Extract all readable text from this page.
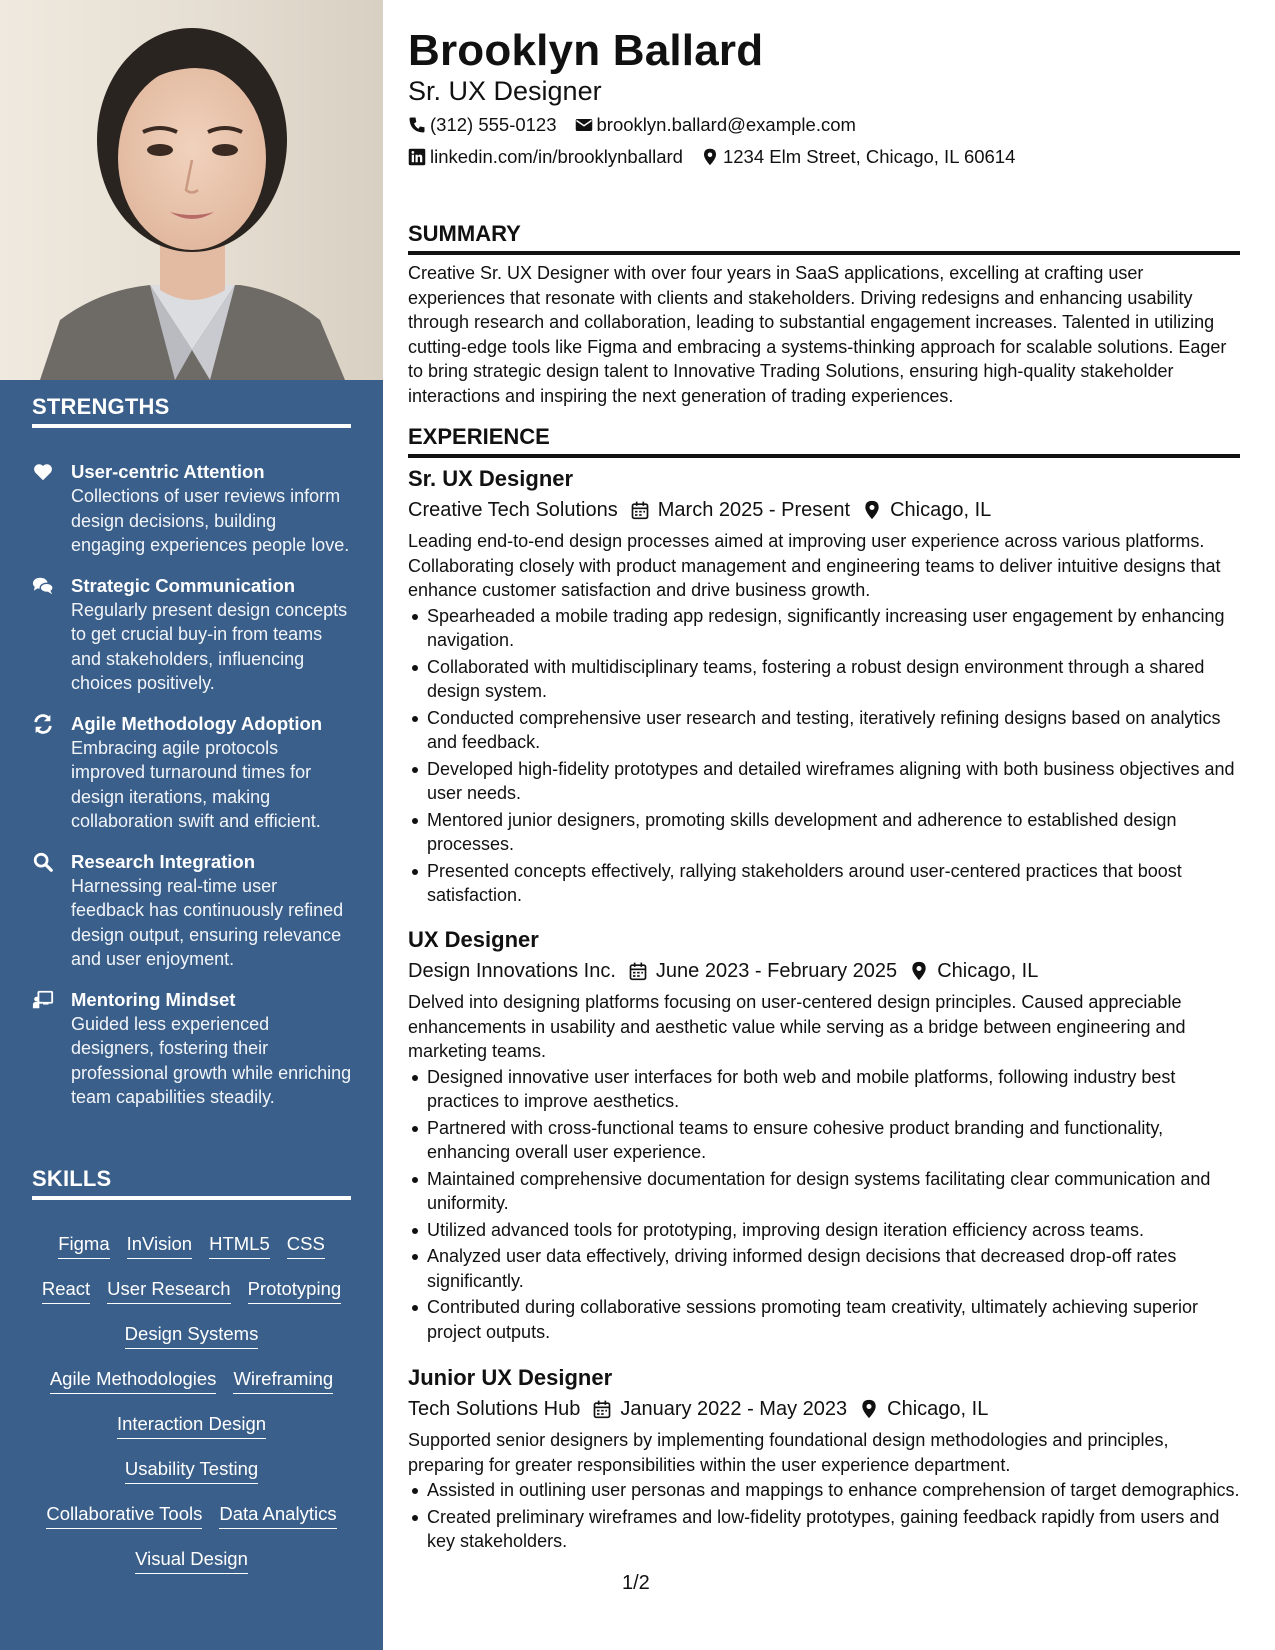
STRENGTHS
User-centric Attention
Collections of user reviews inform design decisions, building engaging experiences people love.
Strategic Communication
Regularly present design concepts to get crucial buy-in from teams and stakeholders, influencing choices positively.
Agile Methodology Adoption
Embracing agile protocols improved turnaround times for design iterations, making collaboration swift and efficient.
Research Integration
Harnessing real-time user feedback has continuously refined design output, ensuring relevance and user enjoyment.
Mentoring Mindset
Guided less experienced designers, fostering their professional growth while enriching team capabilities steadily.
SKILLS
Figma InVision HTML5 CSS
React User Research Prototyping
Design Systems
Agile Methodologies Wireframing
Interaction Design
Usability Testing
Collaborative Tools Data Analytics
Visual Design
Brooklyn Ballard
Sr. UX Designer
(312) 555-0123 brooklyn.ballard@example.com
linkedin.com/in/brooklynballard 1234 Elm Street, Chicago, IL 60614
SUMMARY
Creative Sr. UX Designer with over four years in SaaS applications, excelling at crafting user experiences that resonate with clients and stakeholders. Driving redesigns and enhancing usability through research and collaboration, leading to substantial engagement increases. Talented in utilizing cutting-edge tools like Figma and embracing a systems-thinking approach for scalable solutions. Eager to bring strategic design talent to Innovative Trading Solutions, ensuring high-quality stakeholder interactions and inspiring the next generation of trading experiences.
EXPERIENCE
Sr. UX Designer
Creative Tech Solutions March 2025 - Present Chicago, IL
Leading end-to-end design processes aimed at improving user experience across various platforms. Collaborating closely with product management and engineering teams to deliver intuitive designs that enhance customer satisfaction and drive business growth.
Spearheaded a mobile trading app redesign, significantly increasing user engagement by enhancing navigation.
Collaborated with multidisciplinary teams, fostering a robust design environment through a shared design system.
Conducted comprehensive user research and testing, iteratively refining designs based on analytics and feedback.
Developed high-fidelity prototypes and detailed wireframes aligning with both business objectives and user needs.
Mentored junior designers, promoting skills development and adherence to established design processes.
Presented concepts effectively, rallying stakeholders around user-centered practices that boost satisfaction.
UX Designer
Design Innovations Inc. June 2023 - February 2025 Chicago, IL
Delved into designing platforms focusing on user-centered design principles. Caused appreciable enhancements in usability and aesthetic value while serving as a bridge between engineering and marketing teams.
Designed innovative user interfaces for both web and mobile platforms, following industry best practices to improve aesthetics.
Partnered with cross-functional teams to ensure cohesive product branding and functionality, enhancing overall user experience.
Maintained comprehensive documentation for design systems facilitating clear communication and uniformity.
Utilized advanced tools for prototyping, improving design iteration efficiency across teams.
Analyzed user data effectively, driving informed design decisions that decreased drop-off rates significantly.
Contributed during collaborative sessions promoting team creativity, ultimately achieving superior project outputs.
Junior UX Designer
Tech Solutions Hub January 2022 - May 2023 Chicago, IL
Supported senior designers by implementing foundational design methodologies and principles, preparing for greater responsibilities within the user experience department.
Assisted in outlining user personas and mappings to enhance comprehension of target demographics.
Created preliminary wireframes and low-fidelity prototypes, gaining feedback rapidly from users and key stakeholders.
1/2
